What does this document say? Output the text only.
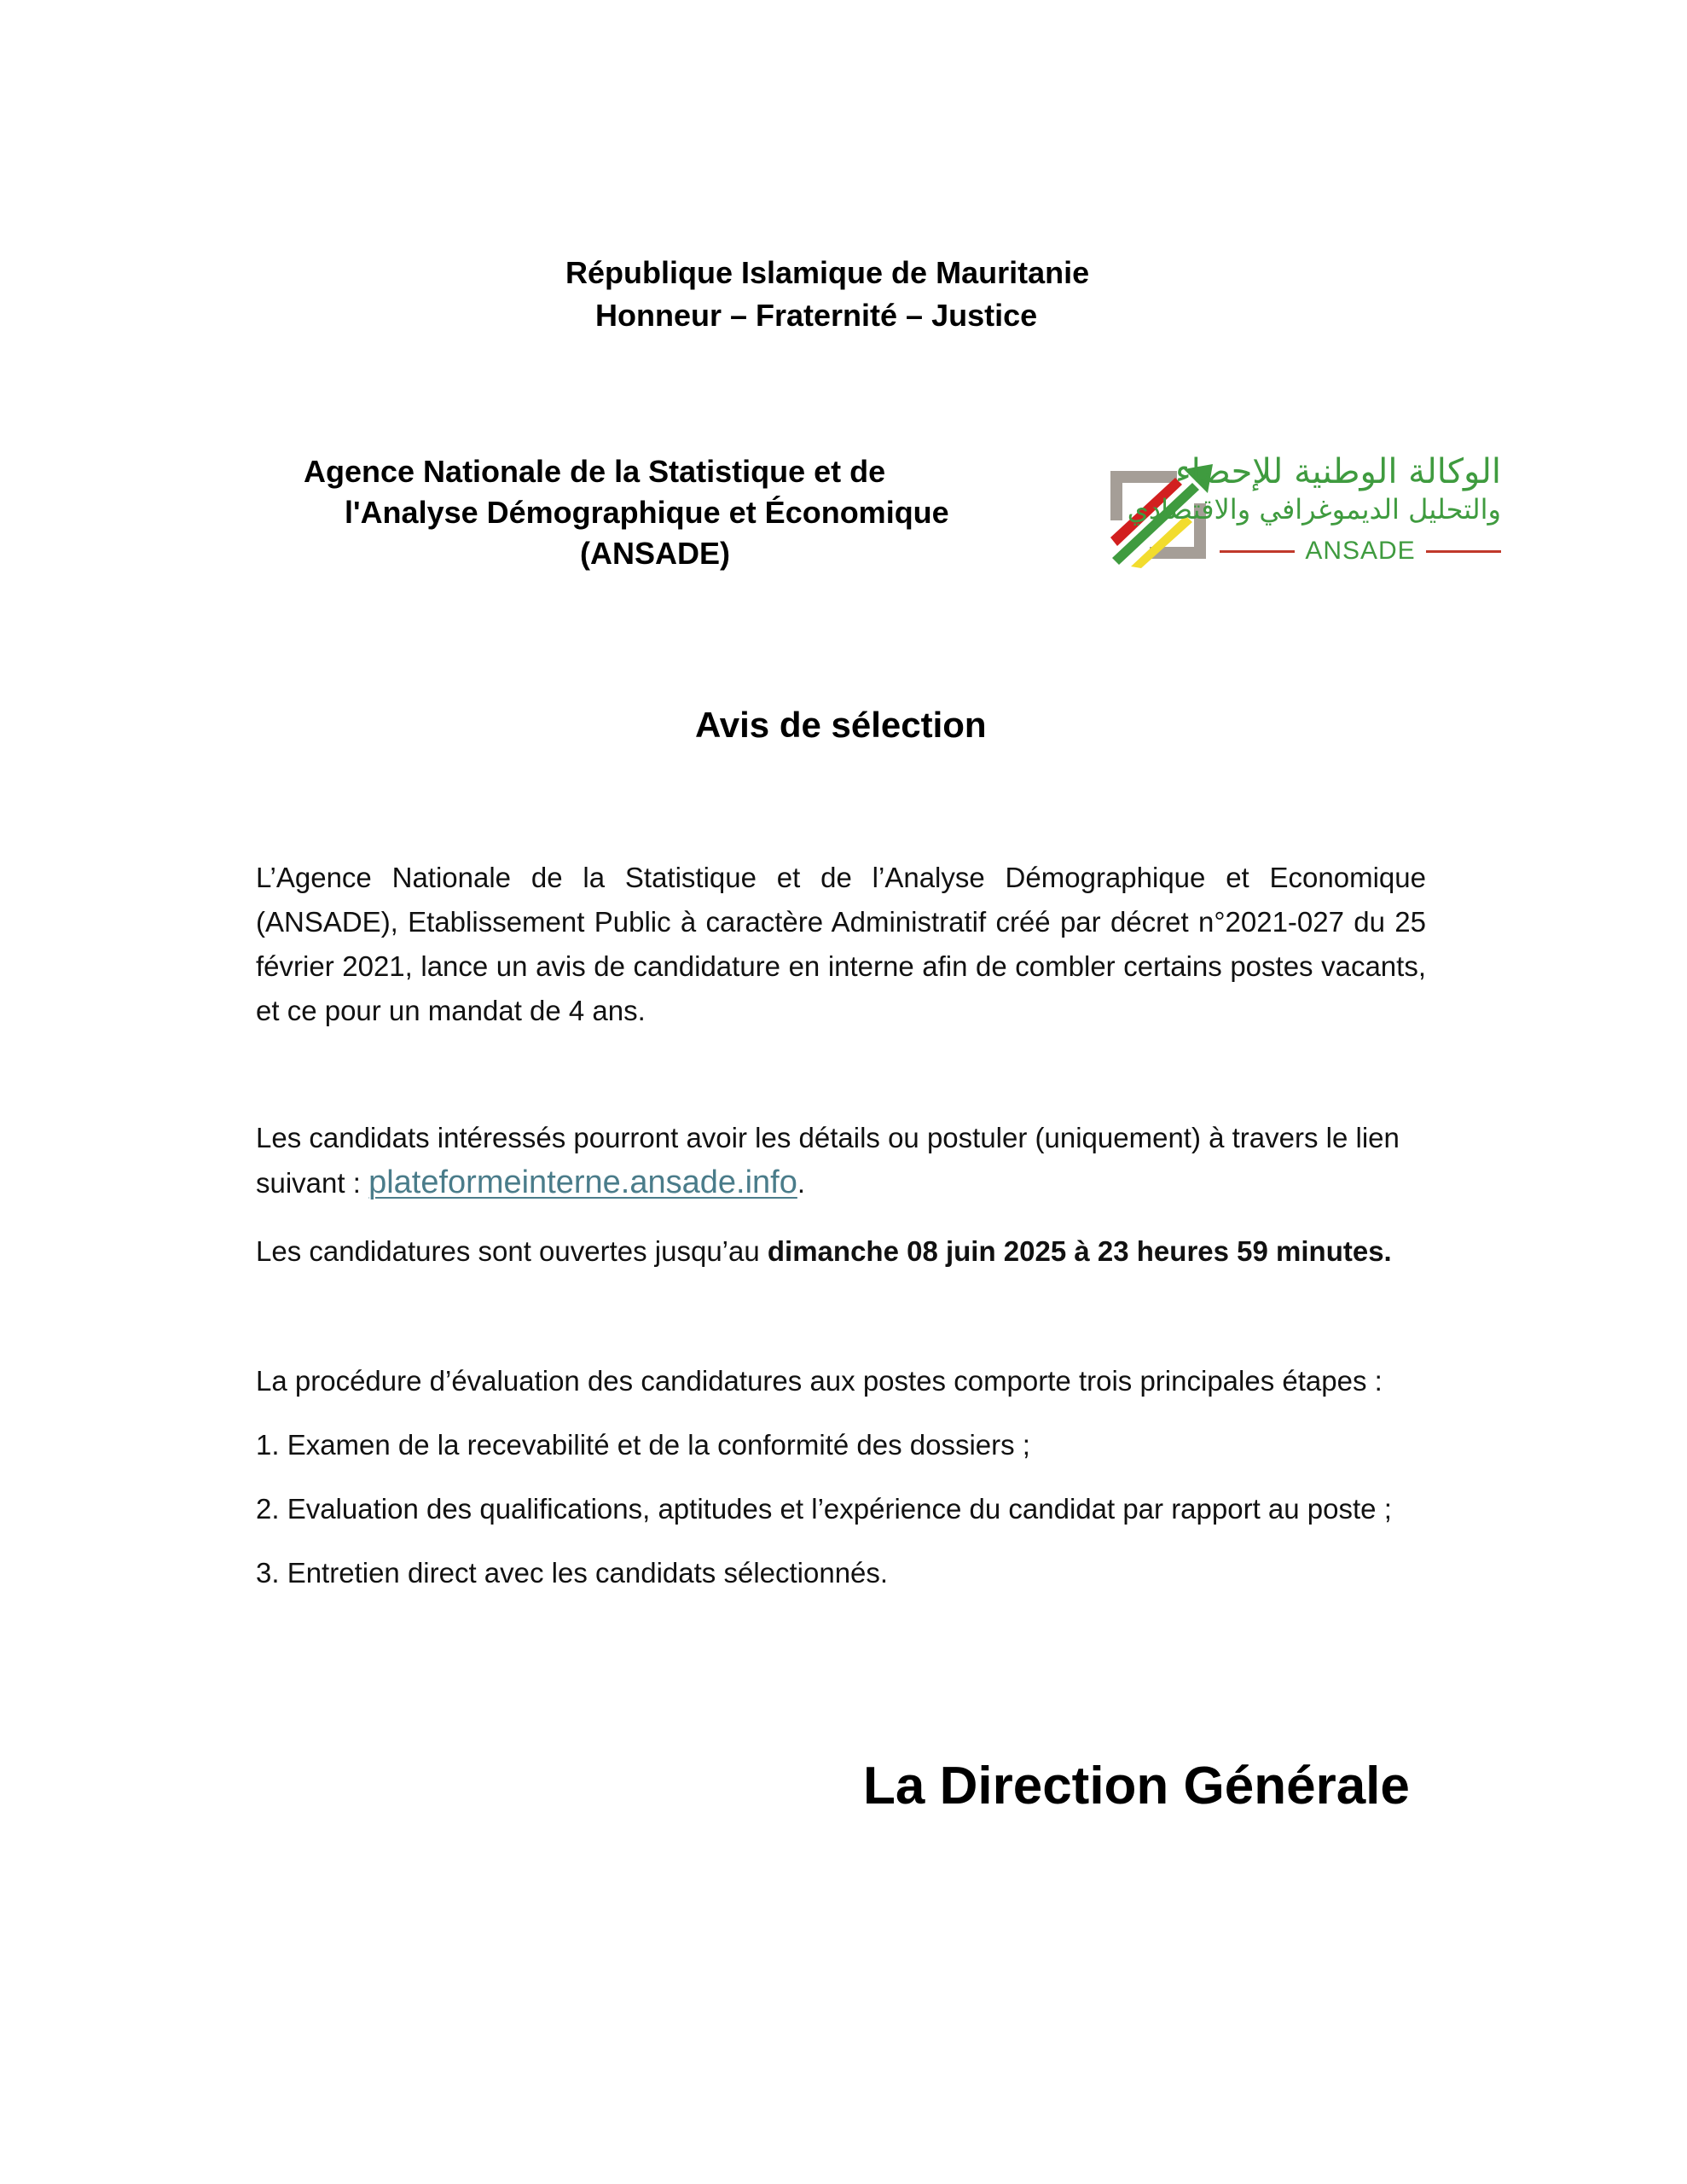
République Islamique de Mauritanie
Honneur – Fraternité – Justice
Agence Nationale de la Statistique et de
l'Analyse Démographique et Économique
(ANSADE)
الوكالة الوطنية للإحصاء
والتحليل الديموغرافي والاقتصادي
ANSADE
Avis de sélection
L’Agence Nationale de la Statistique et de l’Analyse Démographique et Economique (ANSADE), Etablissement Public à caractère Administratif créé par décret n°2021-027 du 25 février 2021, lance un avis de candidature en interne afin de combler certains postes vacants, et ce pour un mandat de 4 ans.
Les candidats intéressés pourront avoir les détails ou postuler (uniquement) à travers le lien
suivant : plateformeinterne.ansade.info.
Les candidatures sont ouvertes jusqu’au dimanche 08 juin 2025 à 23 heures 59 minutes.
La procédure d’évaluation des candidatures aux postes comporte trois principales étapes :
1. Examen de la recevabilité et de la conformité des dossiers ;
2. Evaluation des qualifications, aptitudes et l’expérience du candidat par rapport au poste ;
3. Entretien direct avec les candidats sélectionnés.
La Direction Générale
